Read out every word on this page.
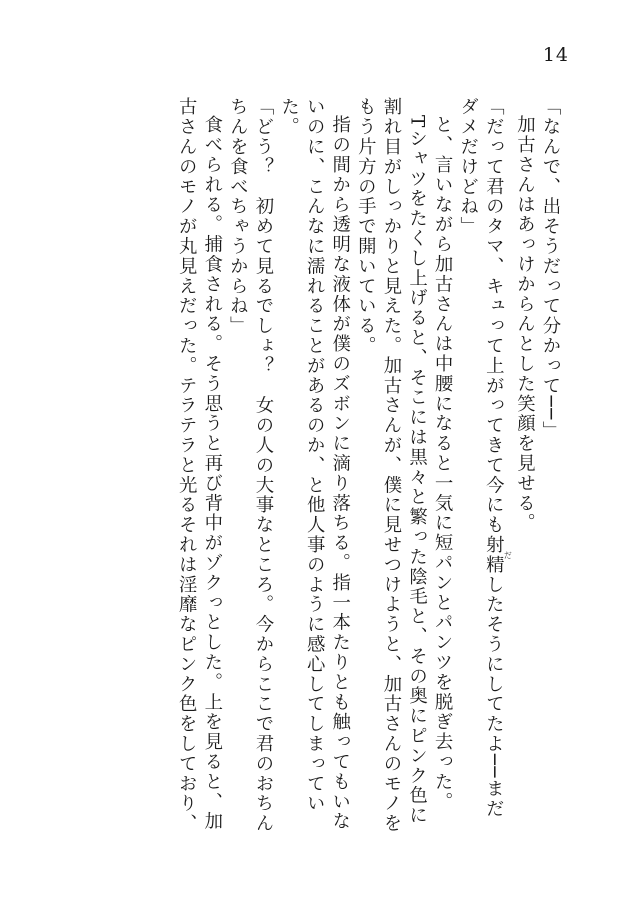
14

「なんで、出そうだって分かって──」

加古さんはあっけからんとした笑顔を見せる。

「だって君のタマ、キュって上がってきて今にも射精 だしたそうにしてたよ──まだダメだけどね」

と、言いながら加古さんは中腰になると一気に短パンとパンツを脱ぎ去った。

Tシャツをたくし上げると、そこには黒々と繁った陰毛と、その奥にピンク色に割れ目がしっかりと見えた。加古さんが、僕に見せつけようと、加古さんのモノをもう片方の手で開いている。

指の間から透明な液体が僕のズボンに滴り落ちる。指一本たりとも触ってもいないのに、こんなに濡れることがあるのか、と他人事のように感心してしまっていた。

「どう？　初めて見るでしょ？　女の人の大事なところ。今からここで君のおちんちんを食べちゃうからね」

食べられる。捕食される。そう思うと再び背中がゾクっとした。上を見ると、加古さんのモノが丸見えだった。テラテラと光るそれは淫靡なピンク色をしており、
